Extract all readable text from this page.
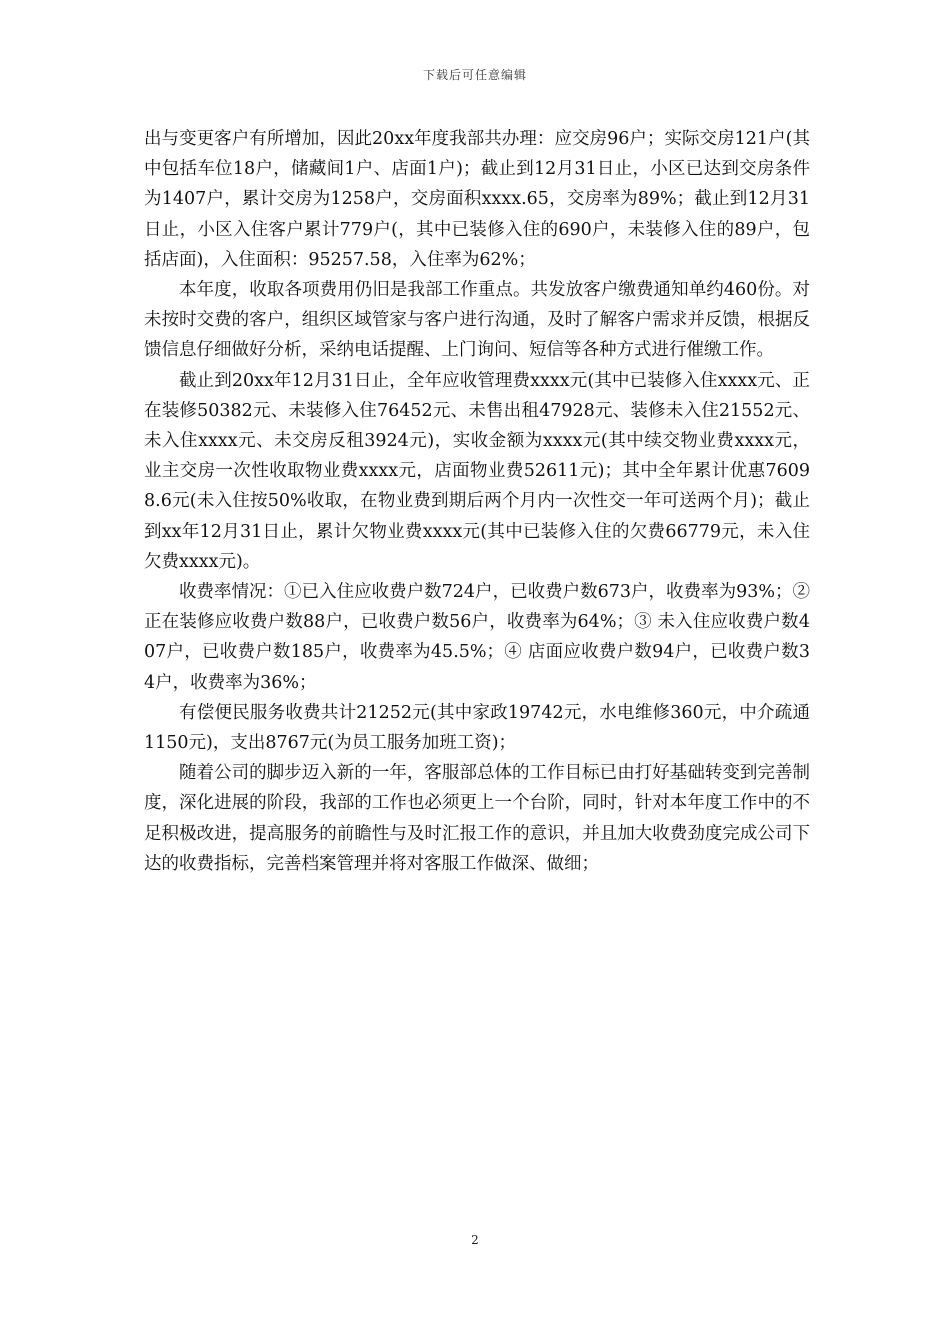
下载后可任意编辑

出与变更客户有所增加，因此20xx年度我部共办理：应交房96户；实际交房121户(其中包括车位18户，储藏间1户、店面1户)；截止到12月31日止，小区已达到交房条件为1407户，累计交房为1258户，交房面积xxxx.65，交房率为89%；截止到12月31日止，小区入住客户累计779户(，其中已装修入住的690户，未装修入住的89户，包括店面)，入住面积：95257.58，入住率为62%；

本年度，收取各项费用仍旧是我部工作重点。共发放客户缴费通知单约460份。对未按时交费的客户，组织区域管家与客户进行沟通，及时了解客户需求并反馈，根据反馈信息仔细做好分析，采纳电话提醒、上门询问、短信等各种方式进行催缴工作。

截止到20xx年12月31日止，全年应收管理费xxxx元(其中已装修入住xxxx元、正在装修50382元、未装修入住76452元、未售出租47928元、装修未入住21552元、未入住xxxx元、未交房反租3924元)，实收金额为xxxx元(其中续交物业费xxxx元，业主交房一次性收取物业费xxxx元，店面物业费52611元)；其中全年累计优惠76098.6元(未入住按50%收取，在物业费到期后两个月内一次性交一年可送两个月)；截止到xx年12月31日止，累计欠物业费xxxx元(其中已装修入住的欠费66779元，未入住欠费xxxx元)。

收费率情况：①已入住应收费户数724户，已收费户数673户，收费率为93%；② 正在装修应收费户数88户，已收费户数56户，收费率为64%；③ 未入住应收费户数407户，已收费户数185户，收费率为45.5%；④ 店面应收费户数94户，已收费户数34户，收费率为36%；

有偿便民服务收费共计21252元(其中家政19742元，水电维修360元，中介疏通1150元)，支出8767元(为员工服务加班工资)；

随着公司的脚步迈入新的一年，客服部总体的工作目标已由打好基础转变到完善制度，深化进展的阶段，我部的工作也必须更上一个台阶，同时，针对本年度工作中的不足积极改进，提高服务的前瞻性与及时汇报工作的意识，并且加大收费劲度完成公司下达的收费指标，完善档案管理并将对客服工作做深、做细；

2
